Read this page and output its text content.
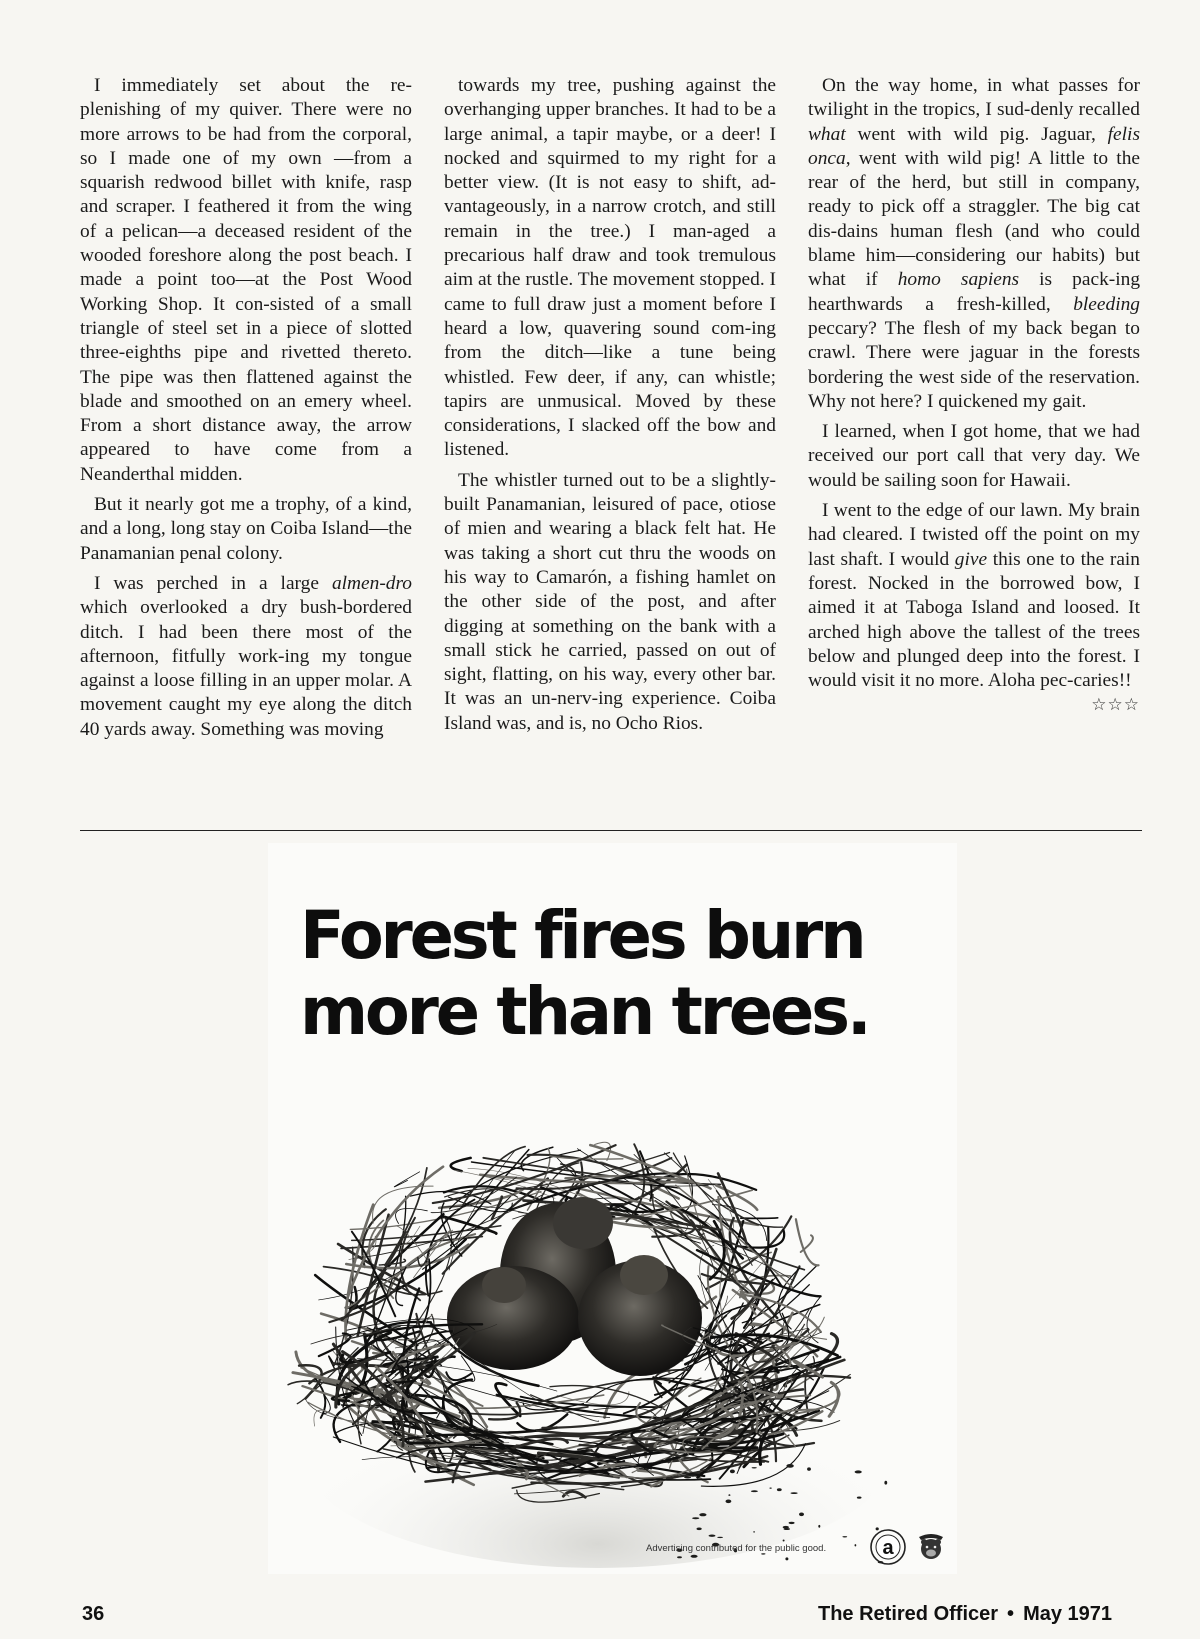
I immediately set about the re-plenishing of my quiver. There were no more arrows to be had from the corporal, so I made one of my own —from a squarish redwood billet with knife, rasp and scraper. I feathered it from the wing of a pelican—a deceased resident of the wooded foreshore along the post beach. I made a point too—at the Post Wood Working Shop. It con-sisted of a small triangle of steel set in a piece of slotted three-eighths pipe and rivetted thereto. The pipe was then flattened against the blade and smoothed on an emery wheel. From a short distance away, the arrow appeared to have come from a Neanderthal midden.

But it nearly got me a trophy, of a kind, and a long, long stay on Coiba Island—the Panamanian penal colony.

I was perched in a large almen-dro which overlooked a dry bush-bordered ditch. I had been there most of the afternoon, fitfully work-ing my tongue against a loose filling in an upper molar. A movement caught my eye along the ditch 40 yards away. Something was moving

towards my tree, pushing against the overhanging upper branches. It had to be a large animal, a tapir maybe, or a deer! I nocked and squirmed to my right for a better view. (It is not easy to shift, ad-vantageously, in a narrow crotch, and still remain in the tree.) I man-aged a precarious half draw and took tremulous aim at the rustle. The movement stopped. I came to full draw just a moment before I heard a low, quavering sound com-ing from the ditch—like a tune being whistled. Few deer, if any, can whistle; tapirs are unmusical. Moved by these considerations, I slacked off the bow and listened.

The whistler turned out to be a slightly-built Panamanian, leisured of pace, otiose of mien and wearing a black felt hat. He was taking a short cut thru the woods on his way to Camarón, a fishing hamlet on the other side of the post, and after digging at something on the bank with a small stick he carried, passed on out of sight, flatting, on his way, every other bar. It was an un-nerv-ing experience. Coiba Island was, and is, no Ocho Rios.

On the way home, in what passes for twilight in the tropics, I sud-denly recalled what went with wild pig. Jaguar, felis onca, went with wild pig! A little to the rear of the herd, but still in company, ready to pick off a straggler. The big cat dis-dains human flesh (and who could blame him—considering our habits) but what if homo sapiens is pack-ing hearthwards a fresh-killed, bleeding peccary? The flesh of my back began to crawl. There were jaguar in the forests bordering the west side of the reservation. Why not here? I quickened my gait.

I learned, when I got home, that we had received our port call that very day. We would be sailing soon for Hawaii.

I went to the edge of our lawn. My brain had cleared. I twisted off the point on my last shaft. I would give this one to the rain forest. Nocked in the borrowed bow, I aimed it at Taboga Island and loosed. It arched high above the tallest of the trees below and plunged deep into the forest. I would visit it no more. Aloha pec-caries!!
☆☆☆

Forest fires burn
more than trees.
Advertising contributed for the public good.	a
36	The Retired Officer • May 1971
